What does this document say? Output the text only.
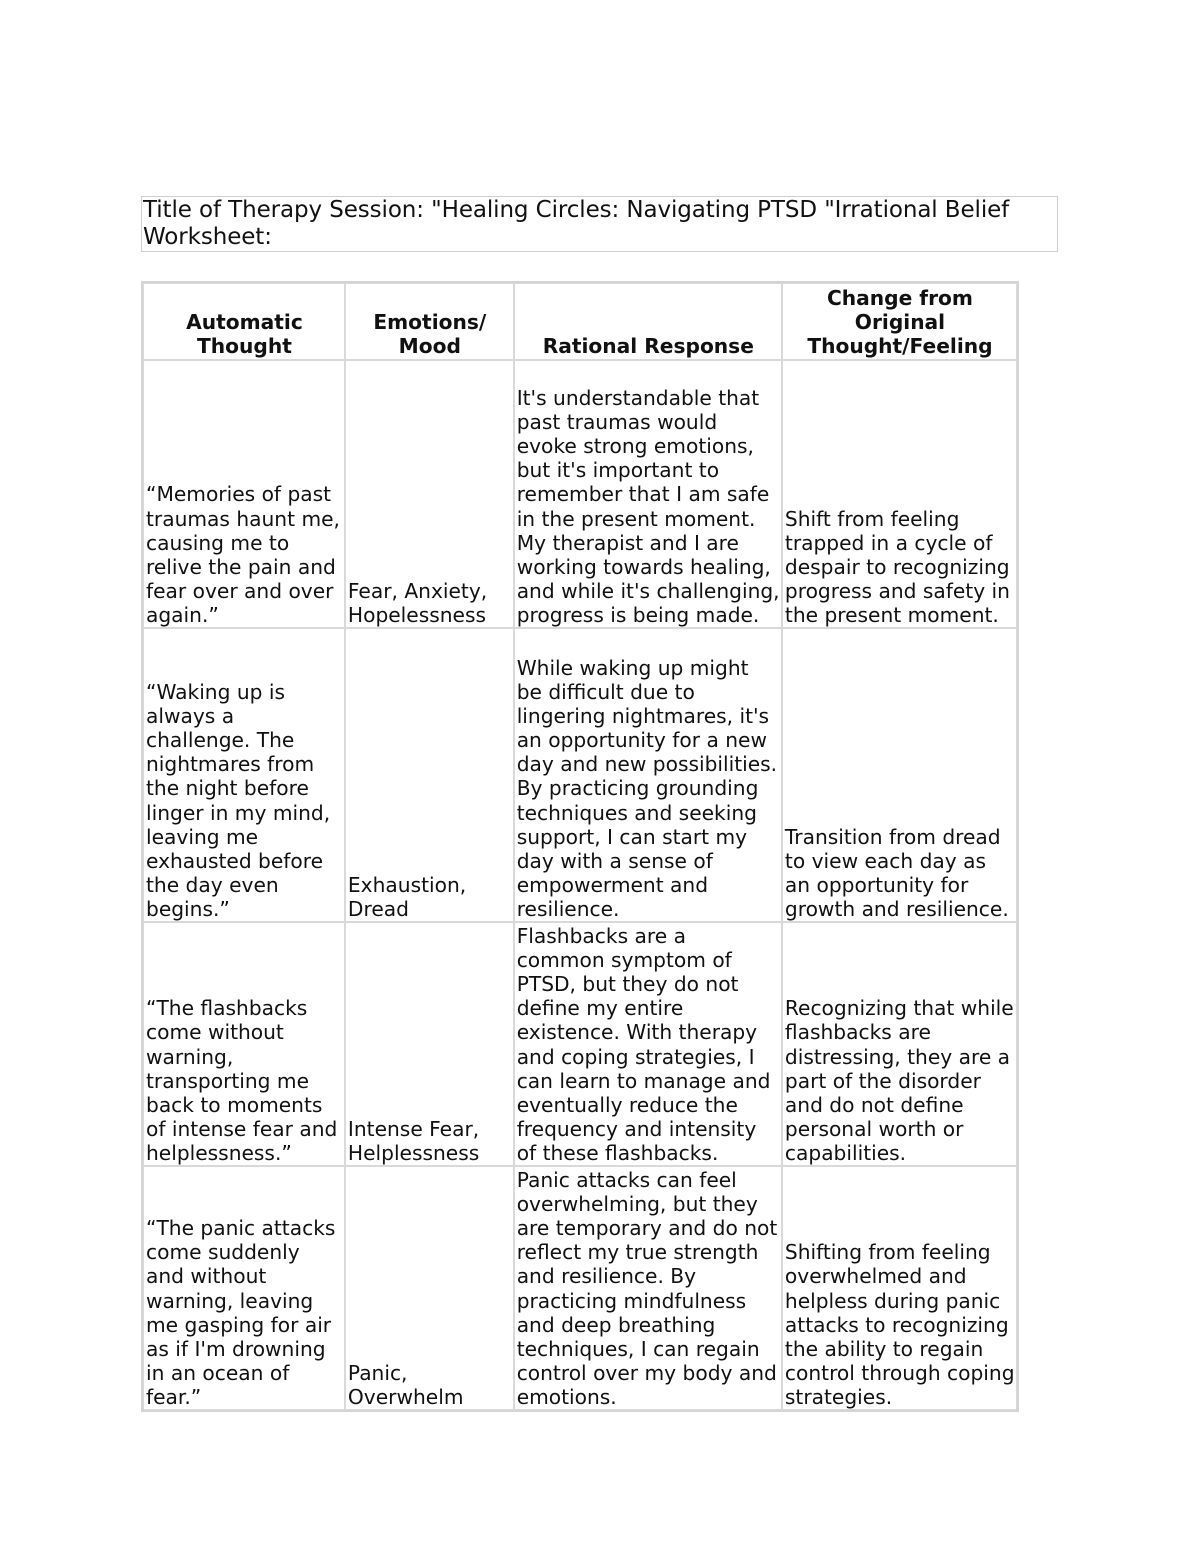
Title of Therapy Session: "Healing Circles: Navigating PTSD "Irrational Belief Worksheet:

Automatic Thought	Emotions/ Mood	Rational Response	Change from Original Thought/Feeling
“Memories of past traumas haunt me, causing me to relive the pain and fear over and over again.”	Fear, Anxiety, Hopelessness	It's understandable that past traumas would evoke strong emotions, but it's important to remember that I am safe in the present moment. My therapist and I are working towards healing, and while it's challenging, progress is being made.	Shift from feeling trapped in a cycle of despair to recognizing progress and safety in the present moment.
“Waking up is always a challenge. The nightmares from the night before linger in my mind, leaving me exhausted before the day even begins.”	Exhaustion, Dread	While waking up might be difficult due to lingering nightmares, it's an opportunity for a new day and new possibilities. By practicing grounding techniques and seeking support, I can start my day with a sense of empowerment and resilience.	Transition from dread to view each day as an opportunity for growth and resilience.
“The flashbacks come without warning, transporting me back to moments of intense fear and helplessness.”	Intense Fear, Helplessness	Flashbacks are a common symptom of PTSD, but they do not define my entire existence. With therapy and coping strategies, I can learn to manage and eventually reduce the frequency and intensity of these flashbacks.	Recognizing that while flashbacks are distressing, they are a part of the disorder and do not define personal worth or capabilities.
“The panic attacks come suddenly and without warning, leaving me gasping for air as if I'm drowning in an ocean of fear.”	Panic, Overwhelm	Panic attacks can feel overwhelming, but they are temporary and do not reflect my true strength and resilience. By practicing mindfulness and deep breathing techniques, I can regain control over my body and emotions.	Shifting from feeling overwhelmed and helpless during panic attacks to recognizing the ability to regain control through coping strategies.
